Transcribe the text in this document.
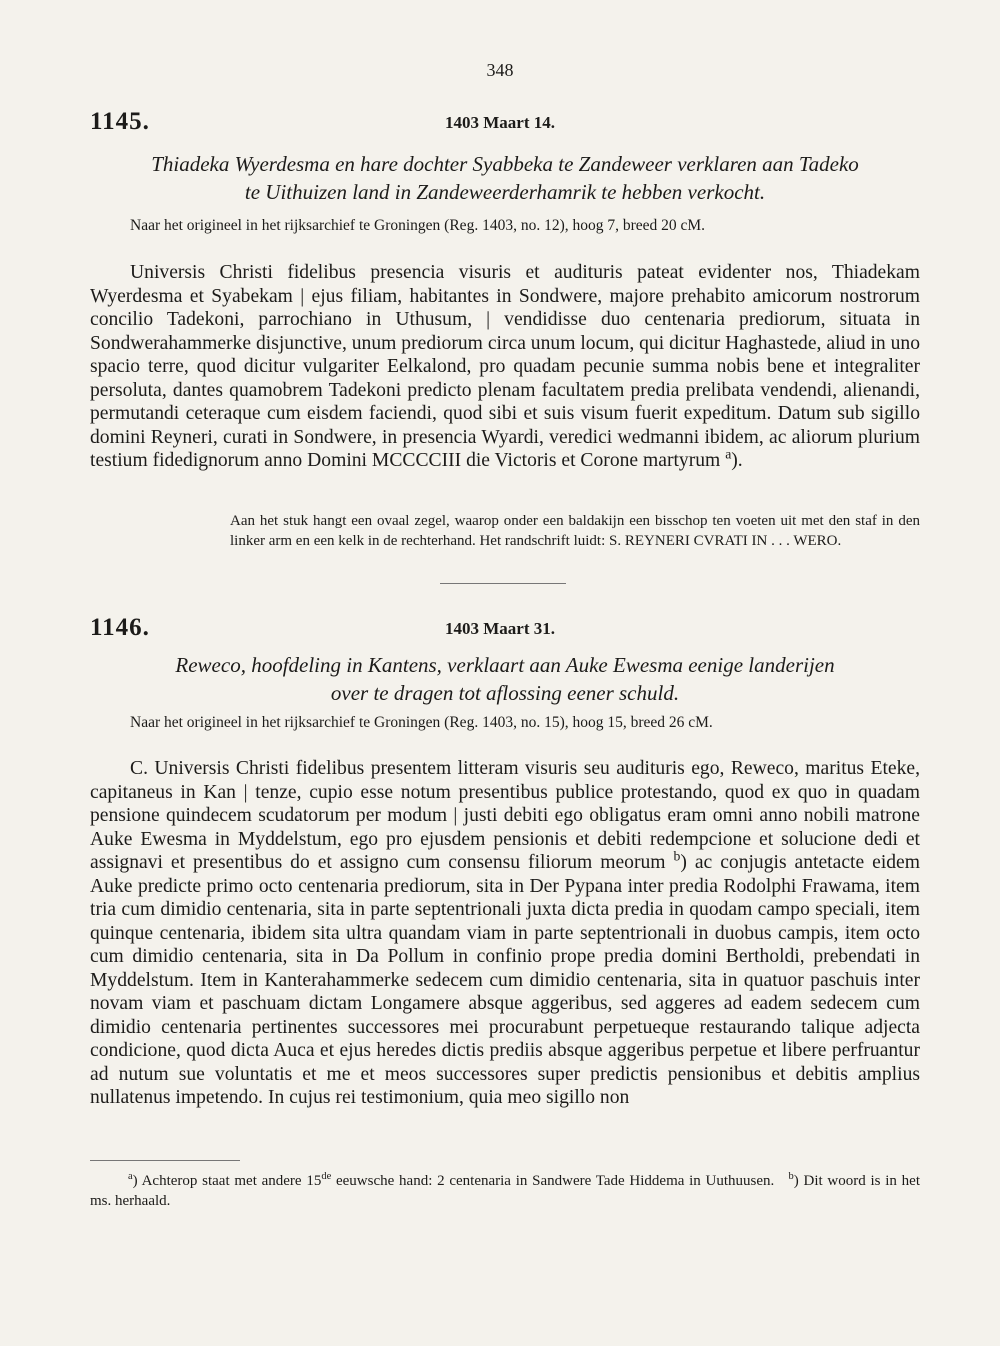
348
1145.	1403 Maart 14.
Thiadeka Wyerdesma en hare dochter Syabbeka te Zandeweer verklaren aan Tadeko
te Uithuizen land in Zandeweerderhamrik te hebben verkocht.
Naar het origineel in het rijksarchief te Groningen (Reg. 1403, no. 12), hoog 7, breed 20 cM.

Universis Christi fidelibus presencia visuris et audituris pateat evidenter nos, Thiadekam Wyerdesma et Syabekam | ejus filiam, habitantes in Sondwere, majore prehabito amicorum nostrorum concilio Tadekoni, parrochiano in Uthusum, | vendidisse duo centenaria prediorum, situata in Sondwerahammerke disjunctive, unum prediorum circa unum locum, qui dicitur Haghastede, aliud in uno spacio terre, quod dicitur vulgariter Eelkalond, pro quadam pecunie summa nobis bene et integraliter persoluta, dantes quamobrem Tadekoni predicto plenam facultatem predia prelibata vendendi, alienandi, permutandi ceteraque cum eisdem faciendi, quod sibi et suis visum fuerit expeditum. Datum sub sigillo domini Reyneri, curati in Sondwere, in presencia Wyardi, veredici wedmanni ibidem, ac aliorum plurium testium fidedignorum anno Domini MCCCCIII die Victoris et Corone martyrum $^a$).

Aan het stuk hangt een ovaal zegel, waarop onder een baldakijn een bisschop ten voeten uit met den staf in den linker arm en een kelk in de rechterhand. Het randschrift luidt: S. REYNERI CVRATI IN . . . WERO.
1146.	1403 Maart 31.
Reweco, hoofdeling in Kantens, verklaart aan Auke Ewesma eenige landerijen
over te dragen tot aflossing eener schuld.
Naar het origineel in het rijksarchief te Groningen (Reg. 1403, no. 15), hoog 15, breed 26 cM.

C. Universis Christi fidelibus presentem litteram visuris seu audituris ego, Reweco, maritus Eteke, capitaneus in Kan | tenze, cupio esse notum presentibus publice protestando, quod ex quo in quadam pensione quindecem scudatorum per modum | justi debiti ego obligatus eram omni anno nobili matrone Auke Ewesma in Myddelstum, ego pro ejusdem pensionis et debiti redempcione et solucione dedi et assignavi et presentibus do et assigno cum consensu filiorum meorum $^b$) ac conjugis antetacte eidem Auke predicte primo octo centenaria prediorum, sita in Der Pypana inter predia Rodolphi Frawama, item tria cum dimidio centenaria, sita in parte septentrionali juxta dicta predia in quodam campo speciali, item quinque centenaria, ibidem sita ultra quandam viam in parte septentrionali in duobus campis, item octo cum dimidio centenaria, sita in Da Pollum in confinio prope predia domini Bertholdi, prebendati in Myddelstum. Item in Kanterahammerke sedecem cum dimidio centenaria, sita in quatuor paschuis inter novam viam et paschuam dictam Longamere absque aggeribus, sed aggeres ad eadem sedecem cum dimidio centenaria pertinentes successores mei procurabunt perpetueque restaurando talique adjecta condicione, quod dicta Auca et ejus heredes dictis prediis absque aggeribus perpetue et libere perfruantur ad nutum sue voluntatis et me et meos successores super predictis pensionibus et debitis amplius nullatenus impetendo. In cujus rei testimonium, quia meo sigillo non

$^a$) Achterop staat met andere 15de eeuwsche hand: 2 centenaria in Sandwere Tade Hiddema in Uuthuusen. $^b$) Dit woord is in het ms. herhaald.
